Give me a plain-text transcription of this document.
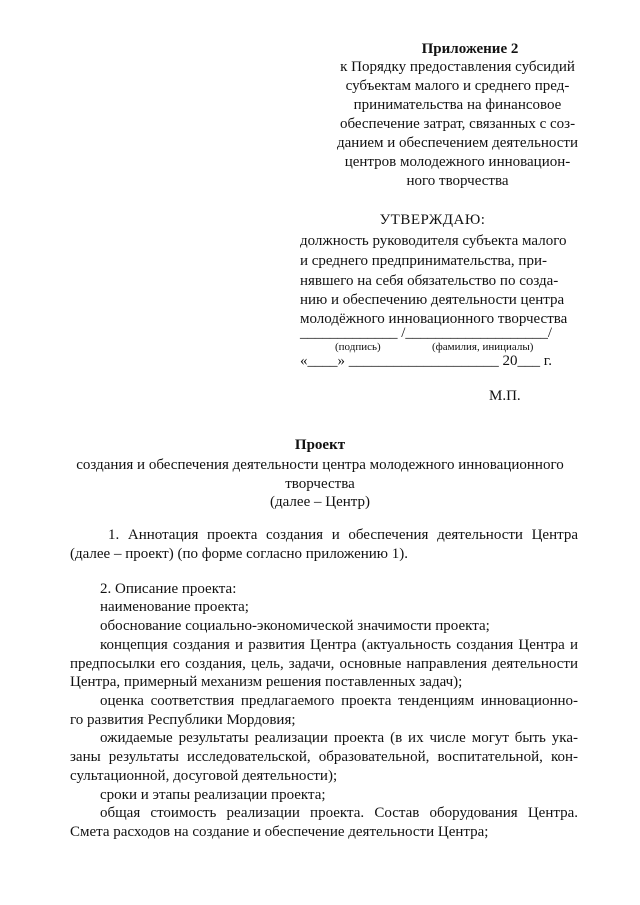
Приложение 2
к Порядку предоставления субсидий
субъектам малого и среднего пред-
принимательства на финансовое
обеспечение затрат, связанных с соз-
данием и обеспечением деятельности
центров молодежного инновацион-
ного творчества
УТВЕРЖДАЮ:
должность руководителя субъекта малого
и среднего предпринимательства, при-
нявшего на себя обязательство по созда-
нию и обеспечению деятельности центра
молодёжного инновационного творчества
_____________ /___________________/
(подпись)	(фамилия, инициалы)
«____» ____________________ 20___ г.
М.П.
Проект
создания и обеспечения деятельности центра молодежного инновационного
творчества
(далее – Центр)
1. Аннотация проекта создания и обеспечения деятельности Центра
(далее – проект) (по форме согласно приложению 1).
2. Описание проекта:
наименование проекта;
обоснование социально-экономической значимости проекта;
концепция создания и развития Центра (актуальность создания Центра и
предпосылки его создания, цель, задачи, основные направления деятельности
Центра, примерный механизм решения поставленных задач);
оценка соответствия предлагаемого проекта тенденциям инновационно-
го развития Республики Мордовия;
ожидаемые результаты реализации проекта (в их числе могут быть ука-
заны результаты исследовательской, образовательной, воспитательной, кон-
сультационной, досуговой деятельности);
сроки и этапы реализации проекта;
общая стоимость реализации проекта. Состав оборудования Центра.
Смета расходов на создание и обеспечение деятельности Центра;
